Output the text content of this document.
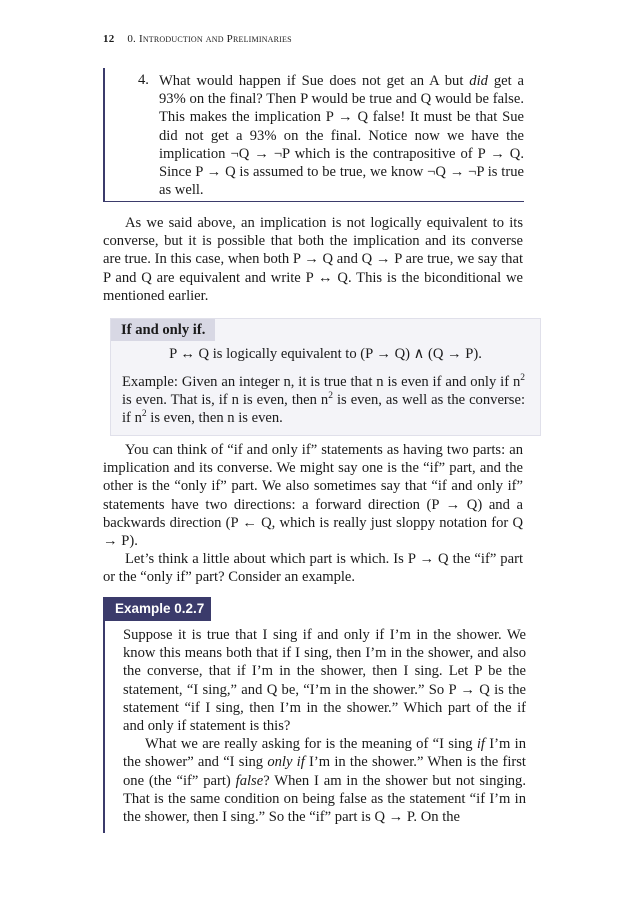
12 0. Introduction and Preliminaries
4. What would happen if Sue does not get an A but did get a 93% on the final? Then P would be true and Q would be false. This makes the implication P → Q false! It must be that Sue did not get a 93% on the final. Notice now we have the implication ¬Q → ¬P which is the contrapositive of P → Q. Since P → Q is assumed to be true, we know ¬Q → ¬P is true as well.

As we said above, an implication is not logically equivalent to its converse, but it is possible that both the implication and its converse are true. In this case, when both P → Q and Q → P are true, we say that P and Q are equivalent and write P ↔ Q. This is the biconditional we mentioned earlier.

If and only if.
P ↔ Q is logically equivalent to (P → Q) ∧ (Q → P).

Example: Given an integer n, it is true that n is even if and only if $n^2$ is even. That is, if n is even, then $n^2$ is even, as well as the converse: if $n^2$ is even, then n is even.

You can think of “if and only if” statements as having two parts: an implication and its converse. We might say one is the “if” part, and the other is the “only if” part. We also sometimes say that “if and only if” statements have two directions: a forward direction (P → Q) and a backwards direction (P ← Q, which is really just sloppy notation for Q → P).

Let’s think a little about which part is which. Is P → Q the “if” part or the “only if” part? Consider an example.

Example 0.2.7

Suppose it is true that I sing if and only if I’m in the shower. We know this means both that if I sing, then I’m in the shower, and also the converse, that if I’m in the shower, then I sing. Let P be the statement, “I sing,” and Q be, “I’m in the shower.” So P → Q is the statement “if I sing, then I’m in the shower.” Which part of the if and only if statement is this?

What we are really asking for is the meaning of “I sing if I’m in the shower” and “I sing only if I’m in the shower.” When is the first one (the “if” part) false? When I am in the shower but not singing. That is the same condition on being false as the statement “if I’m in the shower, then I sing.” So the “if” part is Q → P. On the
